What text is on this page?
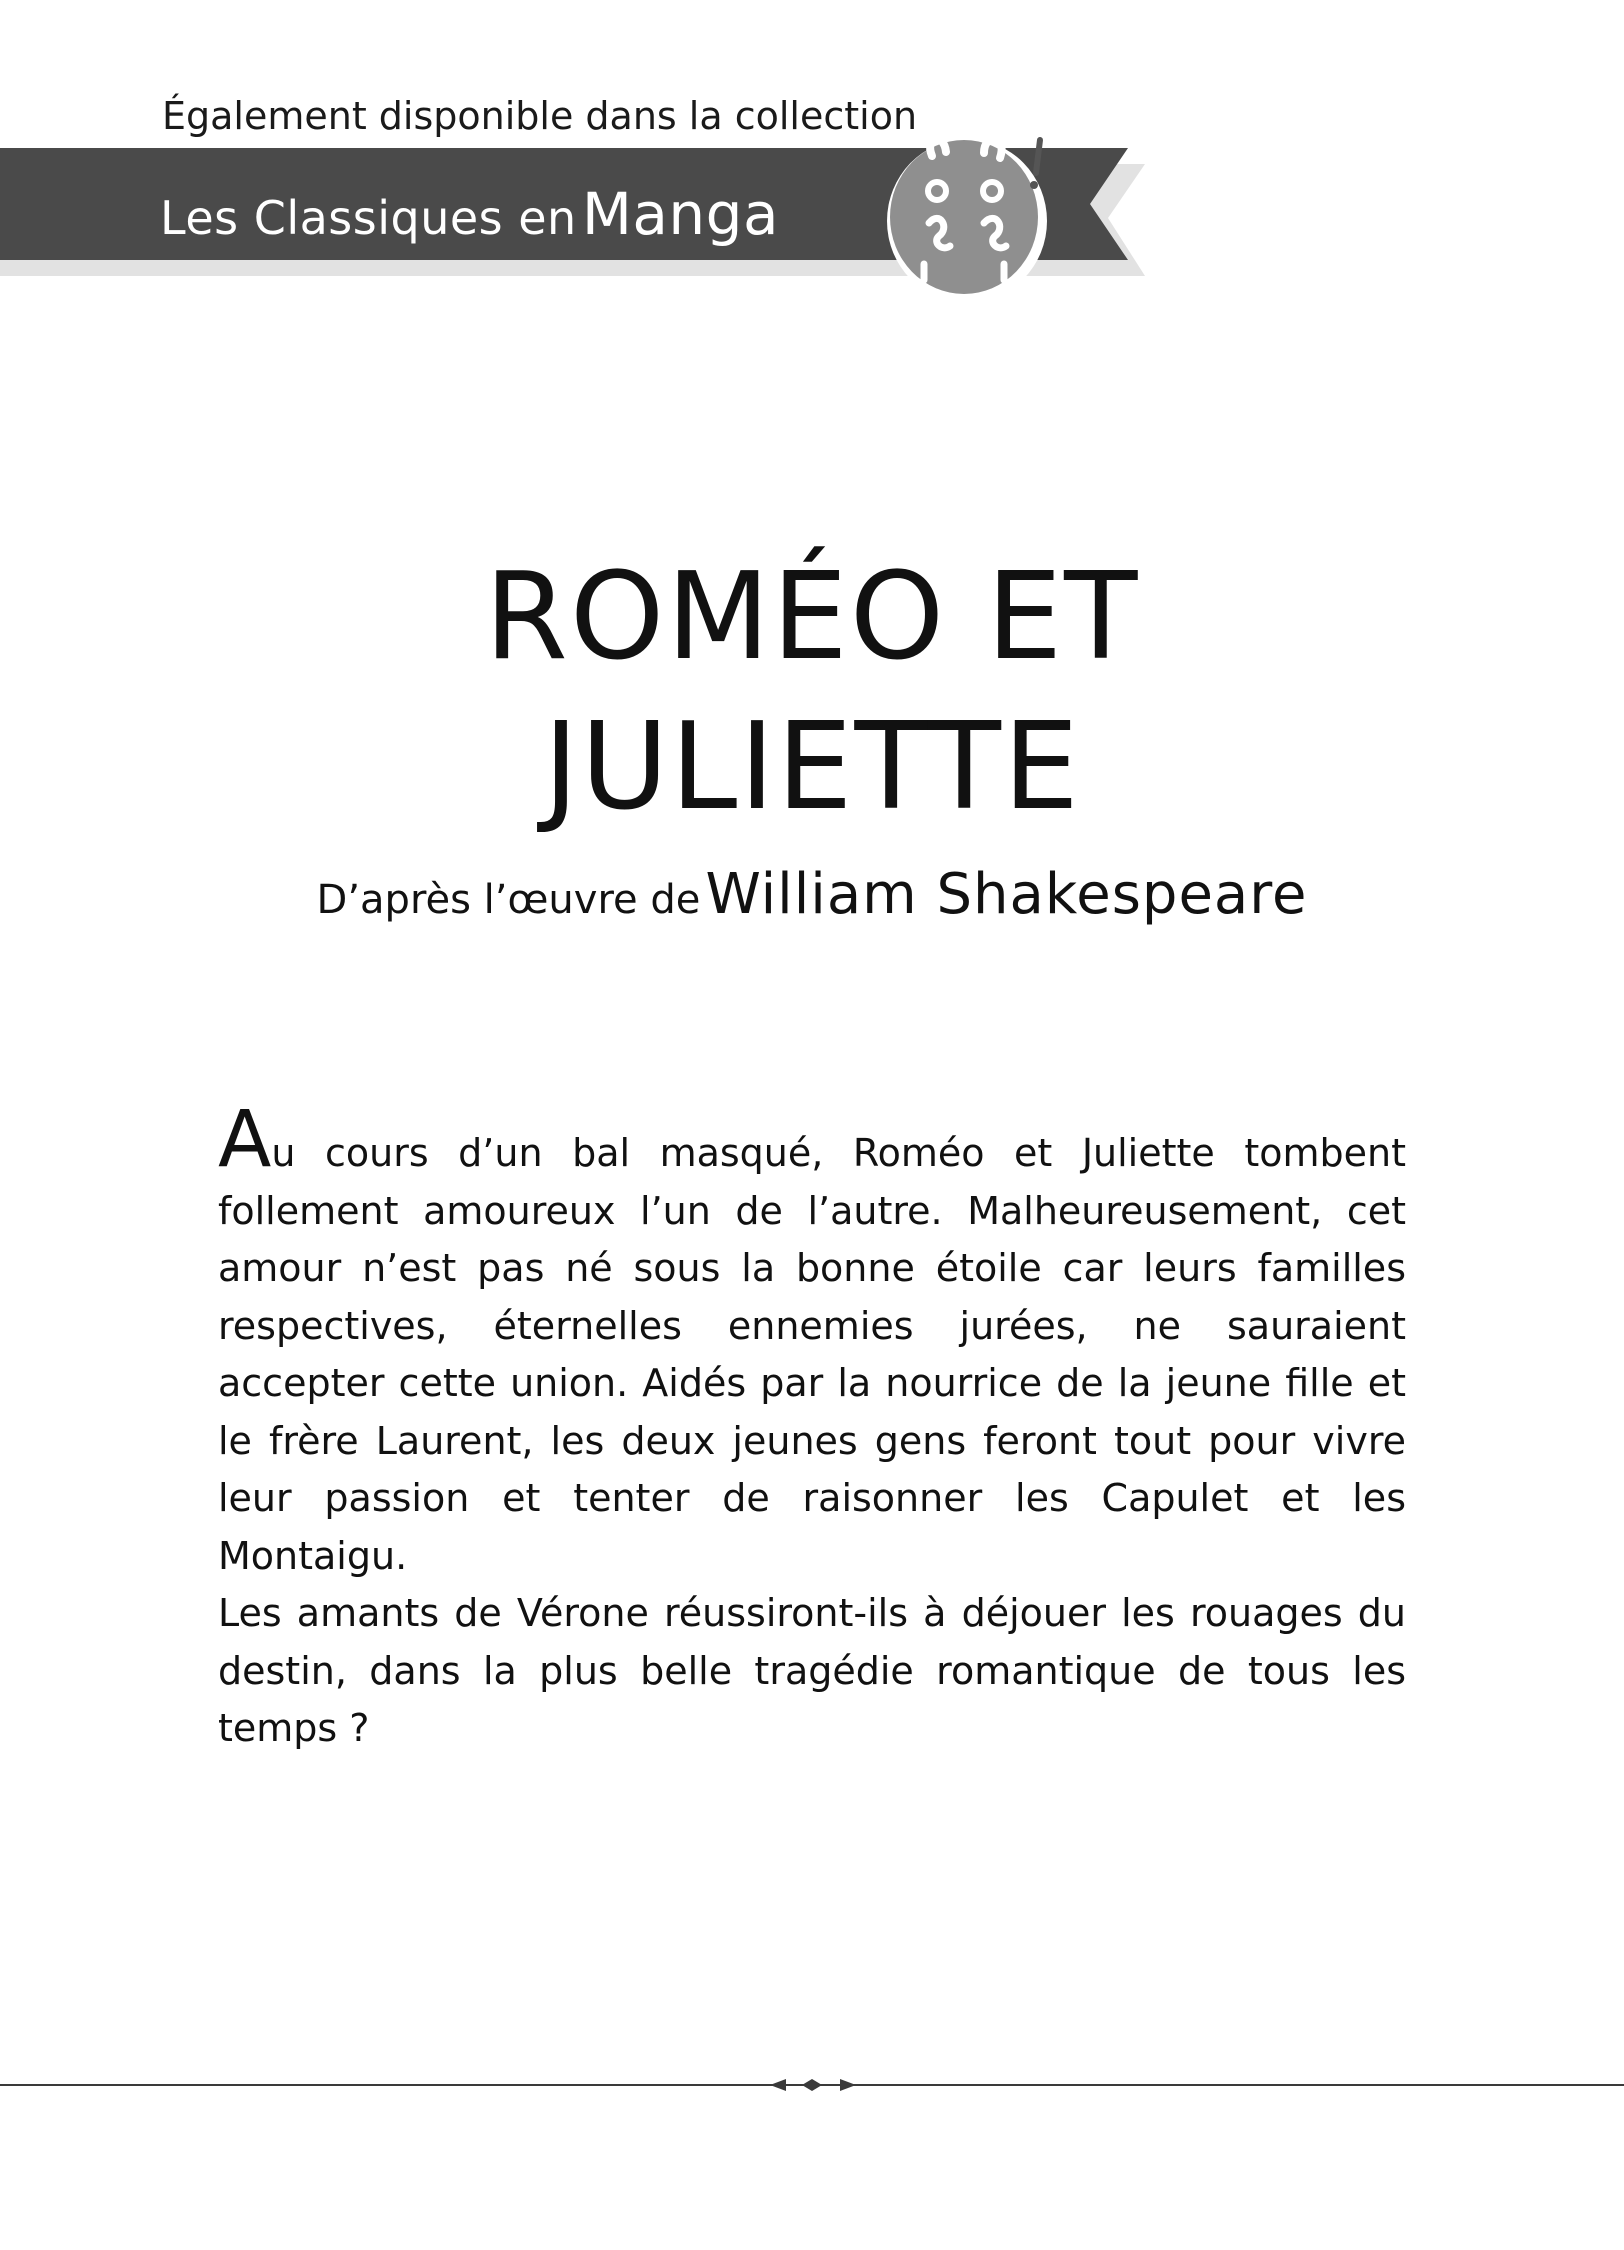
Également disponible dans la collection
Les Classiques en Manga
ROMÉO ET
JULIETTE
D’après l’œuvre de William Shakespeare

Au cours d’un bal masqué, Roméo et Juliette tombent follement amoureux l’un de l’autre. Malheureusement, cet amour n’est pas né sous la bonne étoile car leurs familles respectives, éternelles ennemies jurées, ne sauraient accepter cette union. Aidés par la nourrice de la jeune fille et le frère Laurent, les deux jeunes gens feront tout pour vivre leur passion et tenter de raisonner les Capulet et les Montaigu.

Les amants de Vérone réussiront-ils à déjouer les rouages du destin, dans la plus belle tragédie romantique de tous les temps ?
